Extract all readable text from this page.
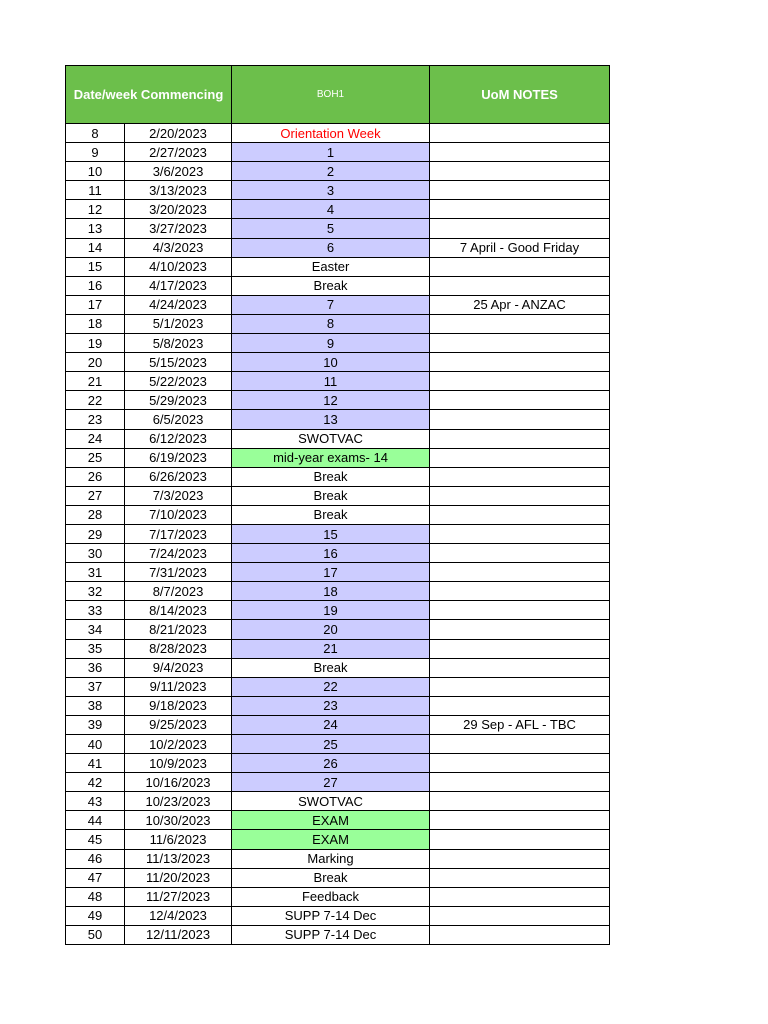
Date/week Commencing		BOH1	UoM NOTES
8	2/20/2023	Orientation Week	
9	2/27/2023	1	
10	3/6/2023	2	
11	3/13/2023	3	
12	3/20/2023	4	
13	3/27/2023	5	
14	4/3/2023	6	7 April - Good Friday
15	4/10/2023	Easter	
16	4/17/2023	Break	
17	4/24/2023	7	25 Apr - ANZAC
18	5/1/2023	8	
19	5/8/2023	9	
20	5/15/2023	10	
21	5/22/2023	11	
22	5/29/2023	12	
23	6/5/2023	13	
24	6/12/2023	SWOTVAC	
25	6/19/2023	mid-year exams- 14	
26	6/26/2023	Break	
27	7/3/2023	Break	
28	7/10/2023	Break	
29	7/17/2023	15	
30	7/24/2023	16	
31	7/31/2023	17	
32	8/7/2023	18	
33	8/14/2023	19	
34	8/21/2023	20	
35	8/28/2023	21	
36	9/4/2023	Break	
37	9/11/2023	22	
38	9/18/2023	23	
39	9/25/2023	24	29 Sep - AFL - TBC
40	10/2/2023	25	
41	10/9/2023	26	
42	10/16/2023	27	
43	10/23/2023	SWOTVAC	
44	10/30/2023	EXAM	
45	11/6/2023	EXAM	
46	11/13/2023	Marking	
47	11/20/2023	Break	
48	11/27/2023	Feedback	
49	12/4/2023	SUPP 7-14 Dec	
50	12/11/2023	SUPP 7-14 Dec	
